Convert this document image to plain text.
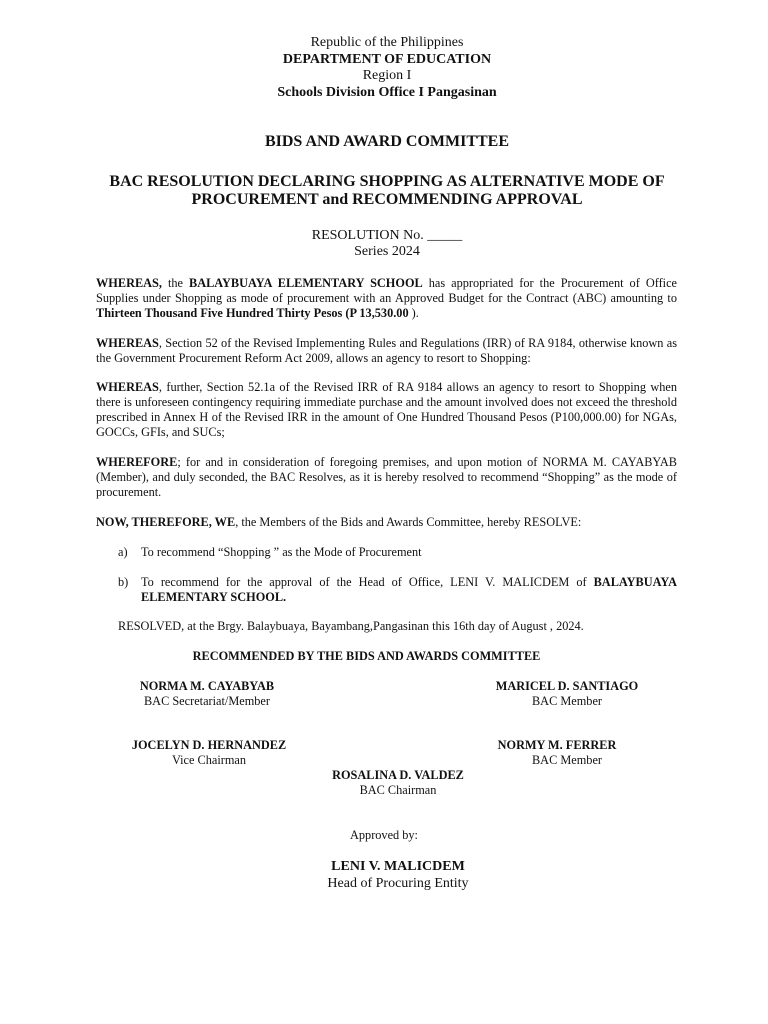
Republic of the Philippines
DEPARTMENT OF EDUCATION
Region I
Schools Division Office I Pangasinan
BIDS AND AWARD COMMITTEE
BAC RESOLUTION DECLARING SHOPPING AS ALTERNATIVE MODE OF
PROCUREMENT and RECOMMENDING APPROVAL
RESOLUTION No. _____
Series 2024
WHEREAS, the BALAYBUAYA ELEMENTARY SCHOOL has appropriated for the Procurement of Office Supplies under Shopping as mode of procurement with an Approved Budget for the Contract (ABC) amounting to Thirteen Thousand Five Hundred Thirty Pesos (P 13,530.00 ).
WHEREAS, Section 52 of the Revised Implementing Rules and Regulations (IRR) of RA 9184, otherwise known as the Government Procurement Reform Act 2009, allows an agency to resort to Shopping:
WHEREAS, further, Section 52.1a of the Revised IRR of RA 9184 allows an agency to resort to Shopping when there is unforeseen contingency requiring immediate purchase and the amount involved does not exceed the threshold prescribed in Annex H of the Revised IRR in the amount of One Hundred Thousand Pesos (P100,000.00) for NGAs, GOCCs, GFIs, and SUCs;
WHEREFORE; for and in consideration of foregoing premises, and upon motion of NORMA M. CAYABYAB (Member), and duly seconded, the BAC Resolves, as it is hereby resolved to recommend “Shopping” as the mode of procurement.
NOW, THEREFORE, WE, the Members of the Bids and Awards Committee, hereby RESOLVE:
a) To recommend “Shopping ” as the Mode of Procurement
b) To recommend for the approval of the Head of Office, LENI V. MALICDEM of BALAYBUAYA ELEMENTARY SCHOOL.
RESOLVED, at the Brgy. Balaybuaya, Bayambang,Pangasinan this 16th day of August , 2024.
RECOMMENDED BY THE BIDS AND AWARDS COMMITTEE
NORMA M. CAYABYAB
BAC Secretariat/Member
MARICEL D. SANTIAGO
BAC Member
JOCELYN D. HERNANDEZ
Vice Chairman
NORMY M. FERRER
BAC Member
ROSALINA D. VALDEZ
BAC Chairman
Approved by:
LENI V. MALICDEM
Head of Procuring Entity
